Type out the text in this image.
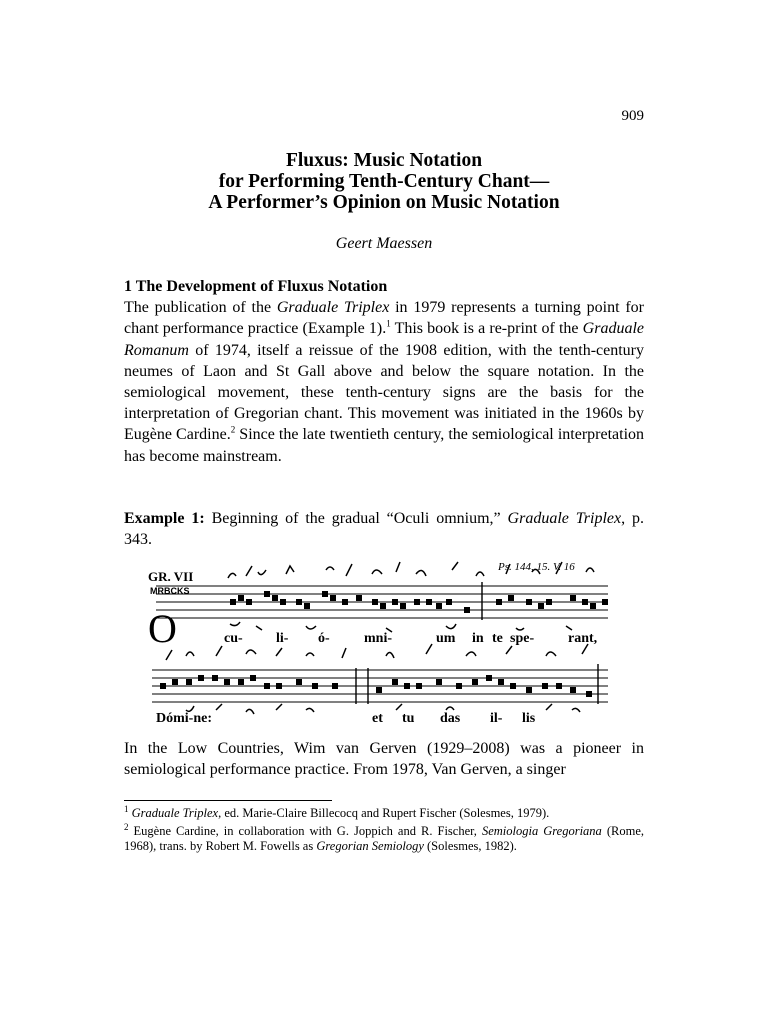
909
Fluxus: Music Notation
for Performing Tenth-Century Chant—
A Performer’s Opinion on Music Notation
Geert Maessen
1 The Development of Fluxus Notation

The publication of the Graduale Triplex in 1979 represents a turning point for chant performance practice (Example 1).$^1$ This book is a re-print of the Graduale Romanum of 1974, itself a reissue of the 1908 edition, with the tenth-century neumes of Laon and St Gall above and below the square notation. In the semiological movement, these tenth-century signs are the basis for the interpretation of Gregorian chant. This movement was initiated in the 1960s by Eugène Cardine.$^2$ Since the late twentieth century, the semiological interpretation has become mainstream.

Example 1: Beginning of the gradual “Oculi omnium,” Graduale Triplex, p. 343.

GR. VII
MRBCKS
Ps. 144, 15. V. 16
O	cu- li- ó- mni-	um in te spe- rant,
Dómi-ne:	et tu das il- lis
In the Low Countries, Wim van Gerven (1929–2008) was a pioneer in semiological performance practice. From 1978, Van Gerven, a singer

$^1$ Graduale Triplex, ed. Marie-Claire Billecocq and Rupert Fischer (Solesmes, 1979).

$^2$ Eugène Cardine, in collaboration with G. Joppich and R. Fischer, Semiologia Gregoriana (Rome, 1968), trans. by Robert M. Fowells as Gregorian Semiology (Solesmes, 1982).
